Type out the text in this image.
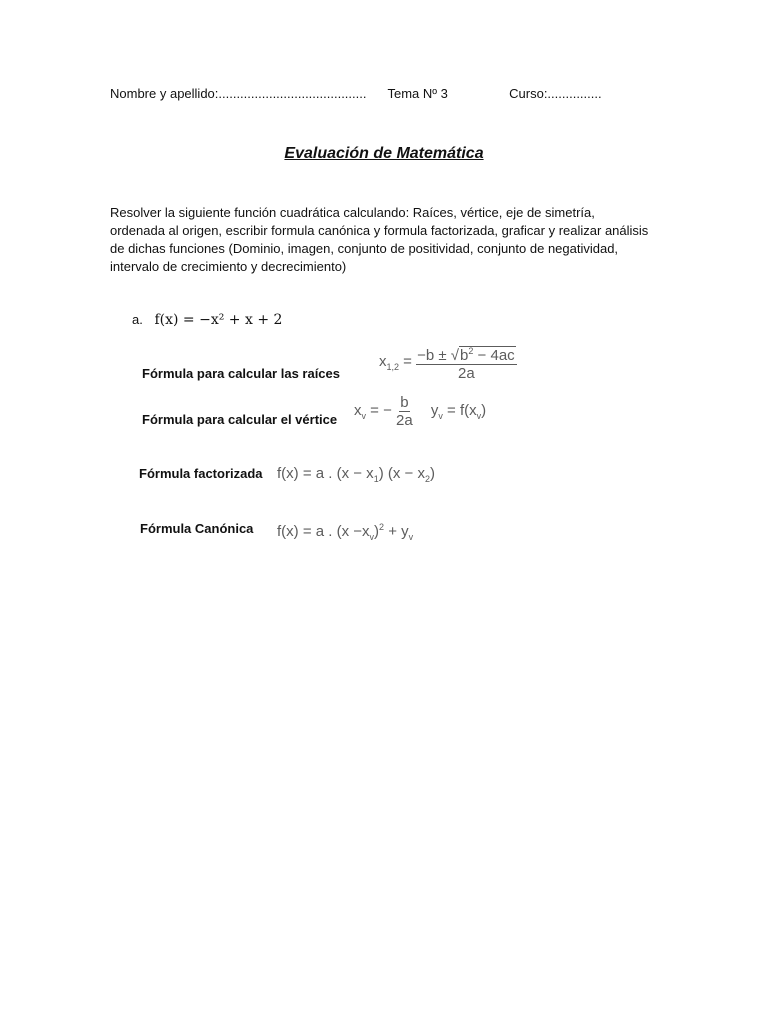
Nombre y apellido:......................................... Tema Nº 3	Curso:...............
Evaluación de Matemática
Resolver la siguiente función cuadrática calculando: Raíces, vértice, eje de simetría, ordenada al origen, escribir formula canónica y formula factorizada, graficar y realizar análisis de dichas funciones (Dominio, imagen, conjunto de positividad, conjunto de negatividad, intervalo de crecimiento y decrecimiento)
a. f(x) = −x² + x + 2
Fórmula para calcular las raíces
$x_{1,2} = \frac{-b \pm √b^2 - 4ac}{2a}$
Fórmula para calcular el vértice
$x_v$ = − $\frac{b}{2a} y_v = f(x_v)$
Fórmula factorizada f(x) = a . $(x - x_1)$ $(x - x_2)$
Fórmula Canónica f(x) = a . $(x -x_v)^2 + y_v$
